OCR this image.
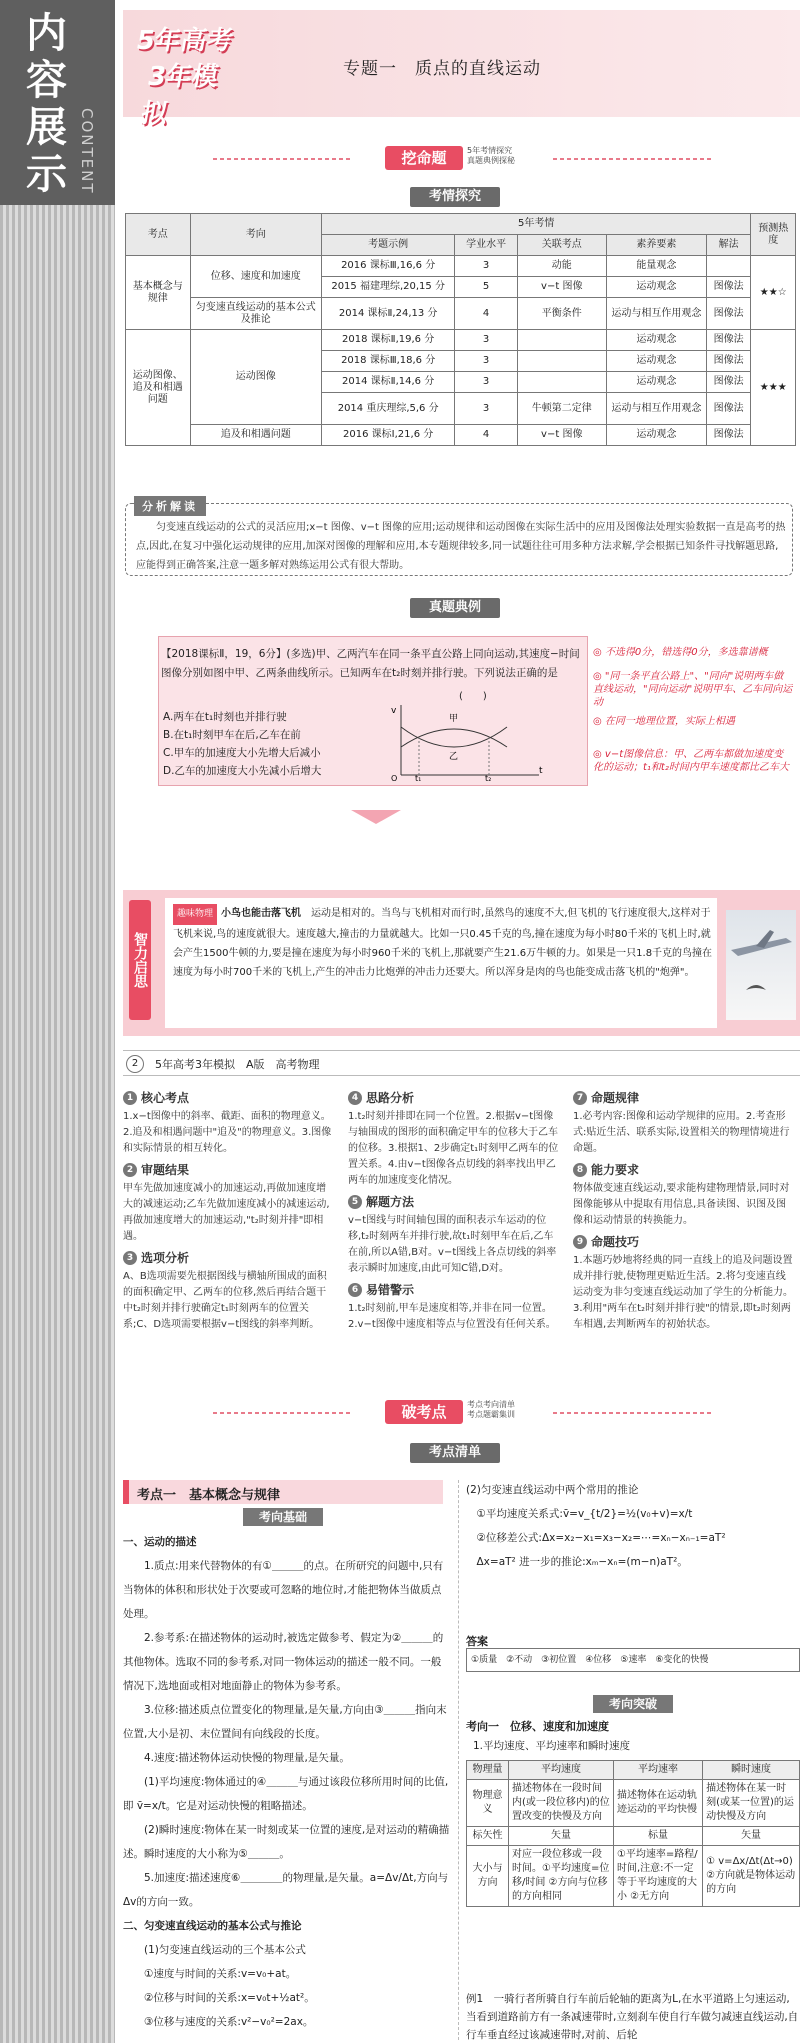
内容展示 CONTENT
5年高考
3年模拟
专题一　质点的直线运动
挖命题	5年考情探究
真题典例探秘
考情探究
考点	考向	5年考情					预测热度
		考题示例	学业水平	关联考点	素养要素	解法	
基本概念与规律	位移、速度和加速度	2016 课标Ⅲ,16,6 分	3	动能	能量观念		★★☆
		2015 福建理综,20,15 分	5	v−t 图像	运动观念	图像法	
	匀变速直线运动的基本公式及推论	2014 课标Ⅱ,24,13 分	4	平衡条件	运动与相互作用观念	图像法	
运动图像、追及和相遇问题	运动图像	2018 课标Ⅱ,19,6 分	3		运动观念	图像法	★★★
		2018 课标Ⅲ,18,6 分	3		运动观念	图像法	
		2014 课标Ⅱ,14,6 分	3		运动观念	图像法	
		2014 重庆理综,5,6 分	3	牛顿第二定律	运动与相互作用观念	图像法	
	追及和相遇问题	2016 课标Ⅰ,21,6 分	4	v−t 图像	运动观念	图像法	
分析解读

匀变速直线运动的公式的灵活应用;x−t 图像、v−t 图像的应用;运动规律和运动图像在实际生活中的应用及图像法处理实验数据一直是高考的热点,因此,在复习中强化运动规律的应用,加深对图像的理解和应用,本专题规律较多,同一试题往往可用多种方法求解,学会根据已知条件寻找解题思路,应能得到正确答案,注意一题多解对熟练运用公式有很大帮助。

真题典例
【2018课标Ⅱ，19，6分】(多选)甲、乙两汽车在同一条平直公路上同向运动,其速度−时间图像分别如图中甲、乙两条曲线所示。已知两车在t₂时刻并排行驶。下列说法正确的是
(　　)
A.两车在t₁时刻也并排行驶
B.在t₁时刻甲车在后,乙车在前
C.甲车的加速度大小先增大后减小
D.乙车的加速度大小先减小后增大
v
甲
乙
t₁	t₂
O
t
◎ 不选得0分，错选得0分，多选靠谱概
◎ "同一条平直公路上"、"同向"说明两车做直线运动，"同向运动"说明甲车、乙车同向运动
◎ 在同一地理位置，实际上相遇
◎ v−t图像信息：甲、乙两车都做加速度变化的运动；t₁和t₂时间内甲车速度都比乙车大
智力启思

趣味物理 小鸟也能击落飞机　 运动是相对的。当鸟与飞机相对而行时,虽然鸟的速度不大,但飞机的飞行速度很大,这样对于飞机来说,鸟的速度就很大。速度越大,撞击的力量就越大。比如一只0.45千克的鸟,撞在速度为每小时80千米的飞机上时,就会产生1500牛顿的力,要是撞在速度为每小时960千米的飞机上,那就要产生21.6万牛顿的力。如果是一只1.8千克的鸟撞在速度为每小时700千米的飞机上,产生的冲击力比炮弹的冲击力还要大。所以浑身是肉的鸟也能变成击落飞机的"炮弹"。

2	5年高考3年模拟　A版　高考物理
1 核心考点

1.x−t图像中的斜率、截距、面积的物理意义。2.追及和相遇问题中"追及"的物理意义。3.图像和实际情景的相互转化。

2 审题结果

甲车先做加速度减小的加速运动,再做加速度增大的减速运动;乙车先做加速度减小的减速运动,再做加速度增大的加速运动,"t₂时刻并排"即相遇。

3 选项分析

A、B选项需要先根据图线与横轴所围成的面积的面积确定甲、乙两车的位移,然后再结合题干中t₂时刻并排行驶确定t₁时刻两车的位置关系;C、D选项需要根据v−t图线的斜率判断。

4 思路分析

1.t₂时刻并排即在同一个位置。2.根据v−t图像与轴围成的图形的面积确定甲车的位移大于乙车的位移。3.根据1、2步确定t₁时刻甲乙两车的位置关系。4.由v−t图像各点切线的斜率找出甲乙两车的加速度变化情况。

5 解题方法

v−t图线与时间轴包围的面积表示车运动的位移,t₂时刻两车并排行驶,故t₁时刻甲车在后,乙车在前,所以A错,B对。v−t图线上各点切线的斜率表示瞬时加速度,由此可知C错,D对。

6 易错警示

1.t₂时刻前,甲车是速度相等,并非在同一位置。2.v−t图像中速度相等点与位置没有任何关系。

7 命题规律

1.必考内容:图像和运动学规律的应用。2.考查形式:贴近生活、联系实际,设置相关的物理情境进行命题。

8 能力要求

物体做变速直线运动,要求能构建物理情景,同时对图像能够从中提取有用信息,具备读图、识图及图像和运动情景的转换能力。

9 命题技巧

1.本题巧妙地将经典的同一直线上的追及问题设置成并排行驶,使物理更贴近生活。2.将匀变速直线运动变为非匀变速直线运动加了学生的分析能力。3.利用"两车在t₂时刻并排行驶"的情景,即t₂时刻两车相遇,去判断两车的初始状态。

破考点	考点考向清单
考点题霸集训
考点清单
考点一　基本概念与规律
考向基础
一、运动的描述
1.质点:用来代替物体的有①＿＿＿的点。在所研究的问题中,只有当物体的体积和形状处于次要或可忽略的地位时,才能把物体当做质点处理。
2.参考系:在描述物体的运动时,被选定做参考、假定为②＿＿＿的其他物体。选取不同的参考系,对同一物体运动的描述一般不同。一般情况下,选地面或相对地面静止的物体为参考系。
3.位移:描述质点位置变化的物理量,是矢量,方向由③＿＿＿指向末位置,大小是初、末位置间有向线段的长度。
4.速度:描述物体运动快慢的物理量,是矢量。
(1)平均速度:物体通过的④＿＿＿与通过该段位移所用时间的比值,即 v̄=x/t。它是对运动快慢的粗略描述。
(2)瞬时速度:物体在某一时刻或某一位置的速度,是对运动的精确描述。瞬时速度的大小称为⑤＿＿＿。
5.加速度:描述速度⑥＿＿＿＿的物理量,是矢量。a=Δv/Δt,方向与Δv的方向一致。
二、匀变速直线运动的基本公式与推论
(1)匀变速直线运动的三个基本公式
①速度与时间的关系:v=v₀+at。
②位移与时间的关系:x=v₀t+½at²。
③位移与速度的关系:v²−v₀²=2ax。
(2)匀变速直线运动中两个常用的推论
①平均速度关系式:v̄=v_{t/2}=½(v₀+v)=x/t
②位移差公式:Δx=x₂−x₁=x₃−x₂=⋯=xₙ−xₙ₋₁=aT²
Δx=aT² 进一步的推论:xₘ−xₙ=(m−n)aT²。
答案
①质量　②不动　③初位置　④位移　⑤速率　⑥变化的快慢
考向突破
考向一　位移、速度和加速度
1.平均速度、平均速率和瞬时速度
物理量	平均速度	平均速率	瞬时速度
物理意义	描述物体在一段时间内(或一段位移内)的位置改变的快慢及方向	描述物体在运动轨迹运动的平均快慢	描述物体在某一时刻(或某一位置)的运动快慢及方向
标矢性	矢量	标量	矢量
大小与方向	对应一段位移或一段时间。①平均速度=位移/时间 ②方向与位移的方向相同	①平均速率=路程/时间,注意:不一定等于平均速度的大小 ②无方向	① v=Δx/Δt(Δt→0) ②方向就是物体运动的方向
例1　一骑行者所骑自行车前后轮轴的距离为L,在水平道路上匀速运动,当看到道路前方有一条减速带时,立刻刹车使自行车做匀减速直线运动,自行车垂直经过该减速带时,对前、后轮
